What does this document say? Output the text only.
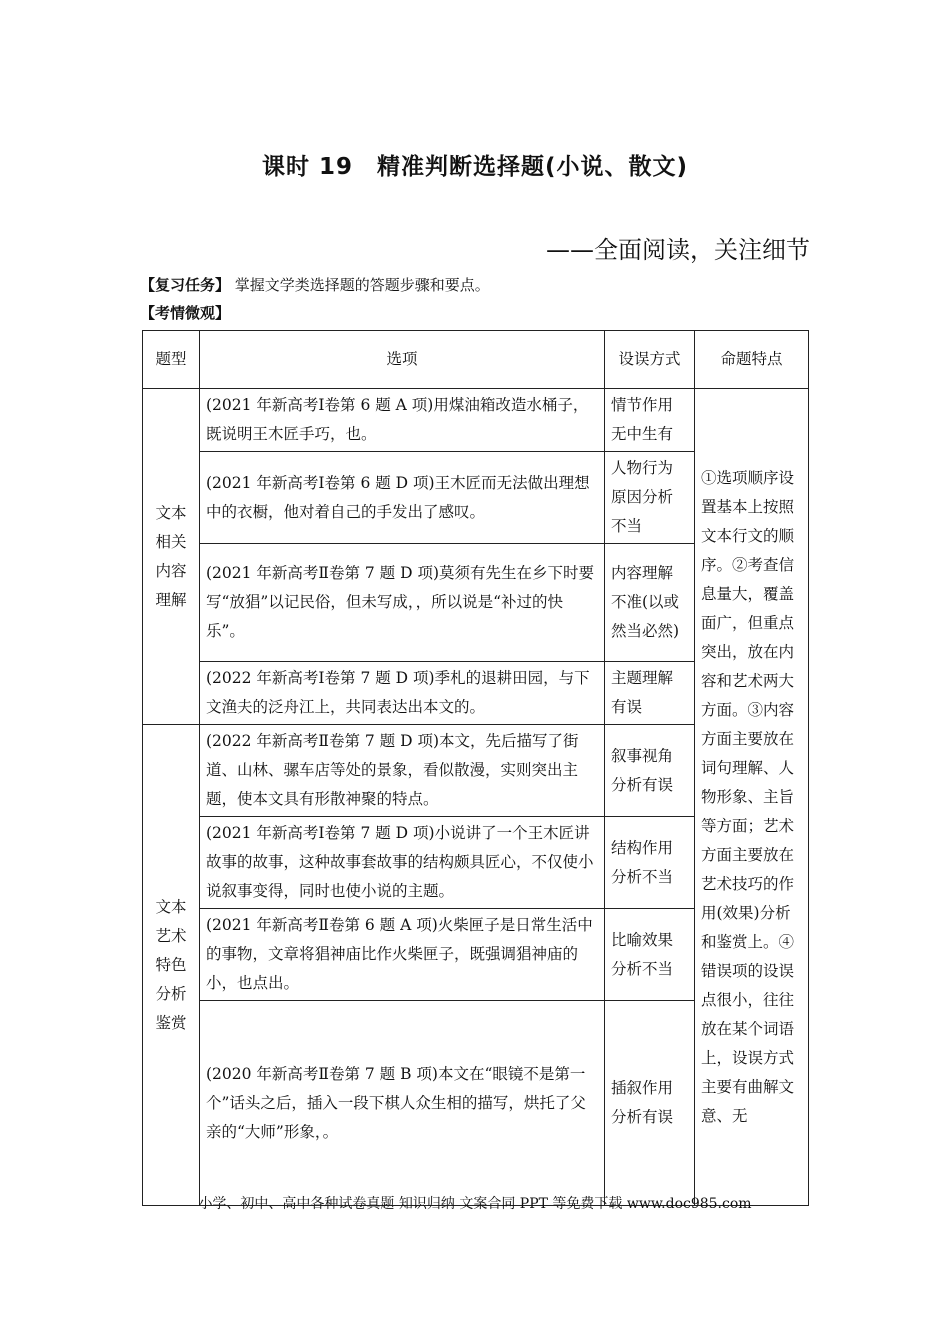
课时 19　精准判断选择题(小说、散文)
——全面阅读，关注细节
【复习任务】 掌握文学类选择题的答题步骤和要点。
【考情微观】
题型	选项	设误方式	命题特点
文本相关内容理解	(2021 年新高考Ⅰ卷第 6 题 A 项)用煤油箱改造水桶子，既说明王木匠手巧，也。	情节作用无中生有	①选项顺序设置基本上按照文本行文的顺序。②考查信息量大，覆盖面广，但重点突出，放在内容和艺术两大方面。③内容方面主要放在词句理解、人物形象、主旨等方面；艺术方面主要放在艺术技巧的作用(效果)分析和鉴赏上。④错误项的设误点很小，往往放在某个词语上，设误方式主要有曲解文意、无
	(2021 年新高考Ⅰ卷第 6 题 D 项)王木匠而无法做出理想中的衣橱，他对着自己的手发出了感叹。	人物行为原因分析不当	
	(2021 年新高考Ⅱ卷第 7 题 D 项)莫须有先生在乡下时要写“放猖”以记民俗，但未写成，，所以说是“补过的快乐”。	内容理解不准(以或然当必然)	
	(2022 年新高考Ⅰ卷第 7 题 D 项)季札的退耕田园，与下文渔夫的泛舟江上，共同表达出本文的。	主题理解有误	
文本艺术特色分析鉴赏	(2022 年新高考Ⅱ卷第 7 题 D 项)本文，先后描写了街道、山林、骡车店等处的景象，看似散漫，实则突出主题，使本文具有形散神聚的特点。	叙事视角分析有误	
	(2021 年新高考Ⅰ卷第 7 题 D 项)小说讲了一个王木匠讲故事的故事，这种故事套故事的结构颇具匠心，不仅使小说叙事变得，同时也使小说的主题。	结构作用分析不当	
	(2021 年新高考Ⅱ卷第 6 题 A 项)火柴匣子是日常生活中的事物，文章将猖神庙比作火柴匣子，既强调猖神庙的小，也点出。	比喻效果分析不当	
	(2020 年新高考Ⅱ卷第 7 题 B 项)本文在“眼镜不是第一个”话头之后，插入一段下棋人众生相的描写，烘托了父亲的“大师”形象，。	插叙作用分析有误	
小学、初中、高中各种试卷真题 知识归纳 文案合同 PPT 等免费下载 www.doc985.com
